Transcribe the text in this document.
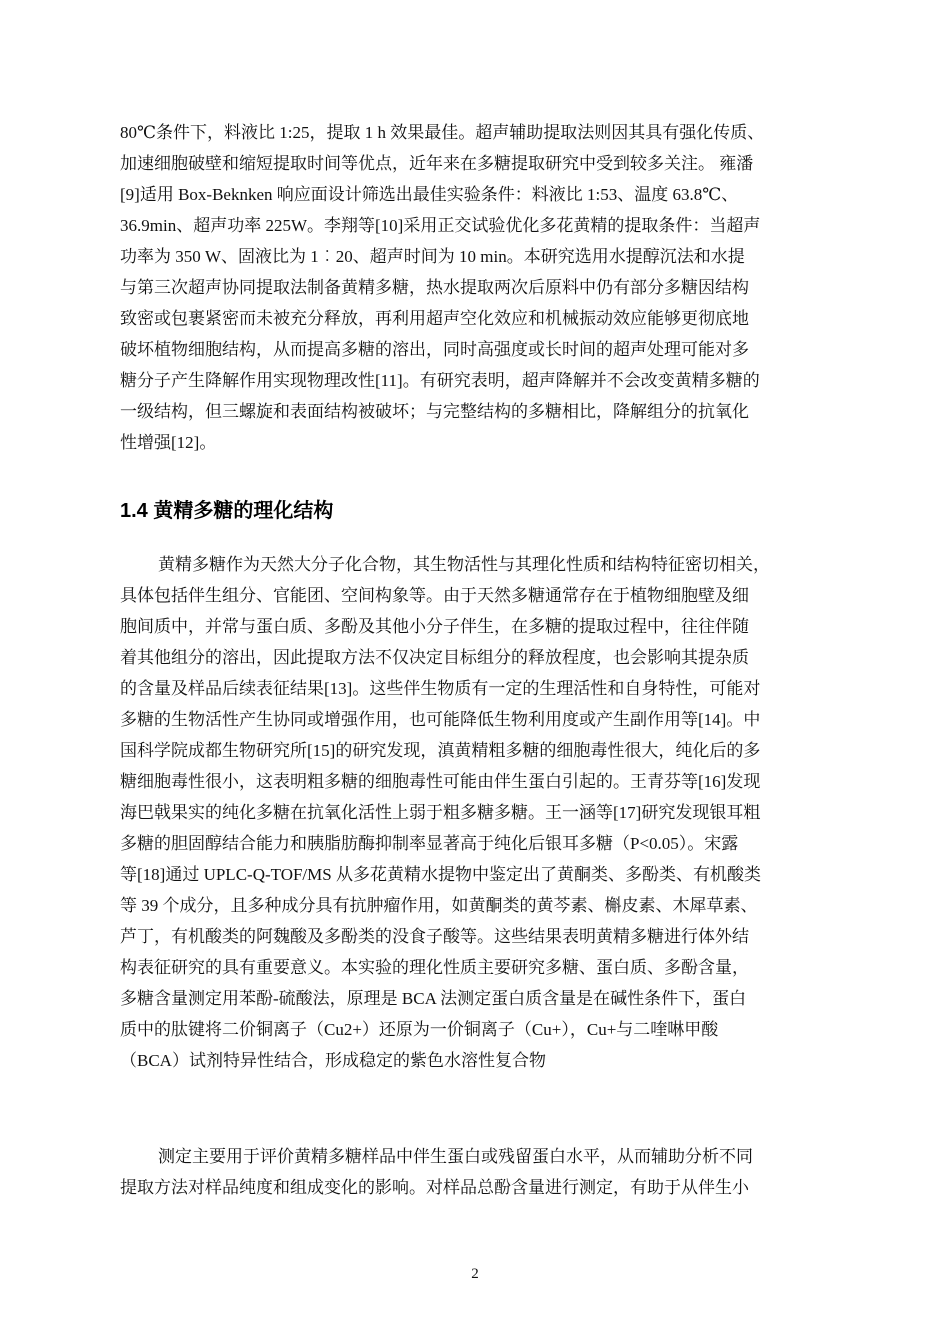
80℃条件下，料液比 1:25，提取 1 h 效果最佳。超声辅助提取法则因其具有强化传质、
加速细胞破壁和缩短提取时间等优点，近年来在多糖提取研究中受到较多关注。 雍潘
[9]适用 Box-Beknken 响应面设计筛选出最佳实验条件：料液比 1:53、温度 63.8℃、
36.9min、超声功率 225W。李翔等[10]采用正交试验优化多花黄精的提取条件：当超声
功率为 350 W、固液比为 1︰20、超声时间为 10 min。本研究选用水提醇沉法和水提
与第三次超声协同提取法制备黄精多糖，热水提取两次后原料中仍有部分多糖因结构
致密或包裹紧密而未被充分释放，再利用超声空化效应和机械振动效应能够更彻底地
破坏植物细胞结构，从而提高多糖的溶出，同时高强度或长时间的超声处理可能对多
糖分子产生降解作用实现物理改性[11]。有研究表明，超声降解并不会改变黄精多糖的
一级结构，但三螺旋和表面结构被破坏；与完整结构的多糖相比，降解组分的抗氧化
性增强[12]。

1.4 黄精多糖的理化结构

黄精多糖作为天然大分子化合物，其生物活性与其理化性质和结构特征密切相关，
具体包括伴生组分、官能团、空间构象等。由于天然多糖通常存在于植物细胞壁及细
胞间质中，并常与蛋白质、多酚及其他小分子伴生，在多糖的提取过程中，往往伴随
着其他组分的溶出，因此提取方法不仅决定目标组分的释放程度，也会影响其提杂质
的含量及样品后续表征结果[13]。这些伴生物质有一定的生理活性和自身特性，可能对
多糖的生物活性产生协同或增强作用，也可能降低生物利用度或产生副作用等[14]。中
国科学院成都生物研究所[15]的研究发现，滇黄精粗多糖的细胞毒性很大，纯化后的多
糖细胞毒性很小，这表明粗多糖的细胞毒性可能由伴生蛋白引起的。王青芬等[16]发现
海巴戟果实的纯化多糖在抗氧化活性上弱于粗多糖多糖。王一涵等[17]研究发现银耳粗
多糖的胆固醇结合能力和胰脂肪酶抑制率显著高于纯化后银耳多糖（P<0.05）。宋露
等[18]通过 UPLC-Q-TOF/MS 从多花黄精水提物中鉴定出了黄酮类、多酚类、有机酸类
等 39 个成分，且多种成分具有抗肿瘤作用，如黄酮类的黄芩素、槲皮素、木犀草素、
芦丁，有机酸类的阿魏酸及多酚类的没食子酸等。这些结果表明黄精多糖进行体外结
构表征研究的具有重要意义。本实验的理化性质主要研究多糖、蛋白质、多酚含量，
多糖含量测定用苯酚-硫酸法，原理是 BCA 法测定蛋白质含量是在碱性条件下，蛋白
质中的肽键将二价铜离子（Cu2+）还原为一价铜离子（Cu+），Cu+与二喹啉甲酸
（BCA）试剂特异性结合，形成稳定的紫色水溶性复合物

测定主要用于评价黄精多糖样品中伴生蛋白或残留蛋白水平，从而辅助分析不同
提取方法对样品纯度和组成变化的影响。对样品总酚含量进行测定，有助于从伴生小

2
